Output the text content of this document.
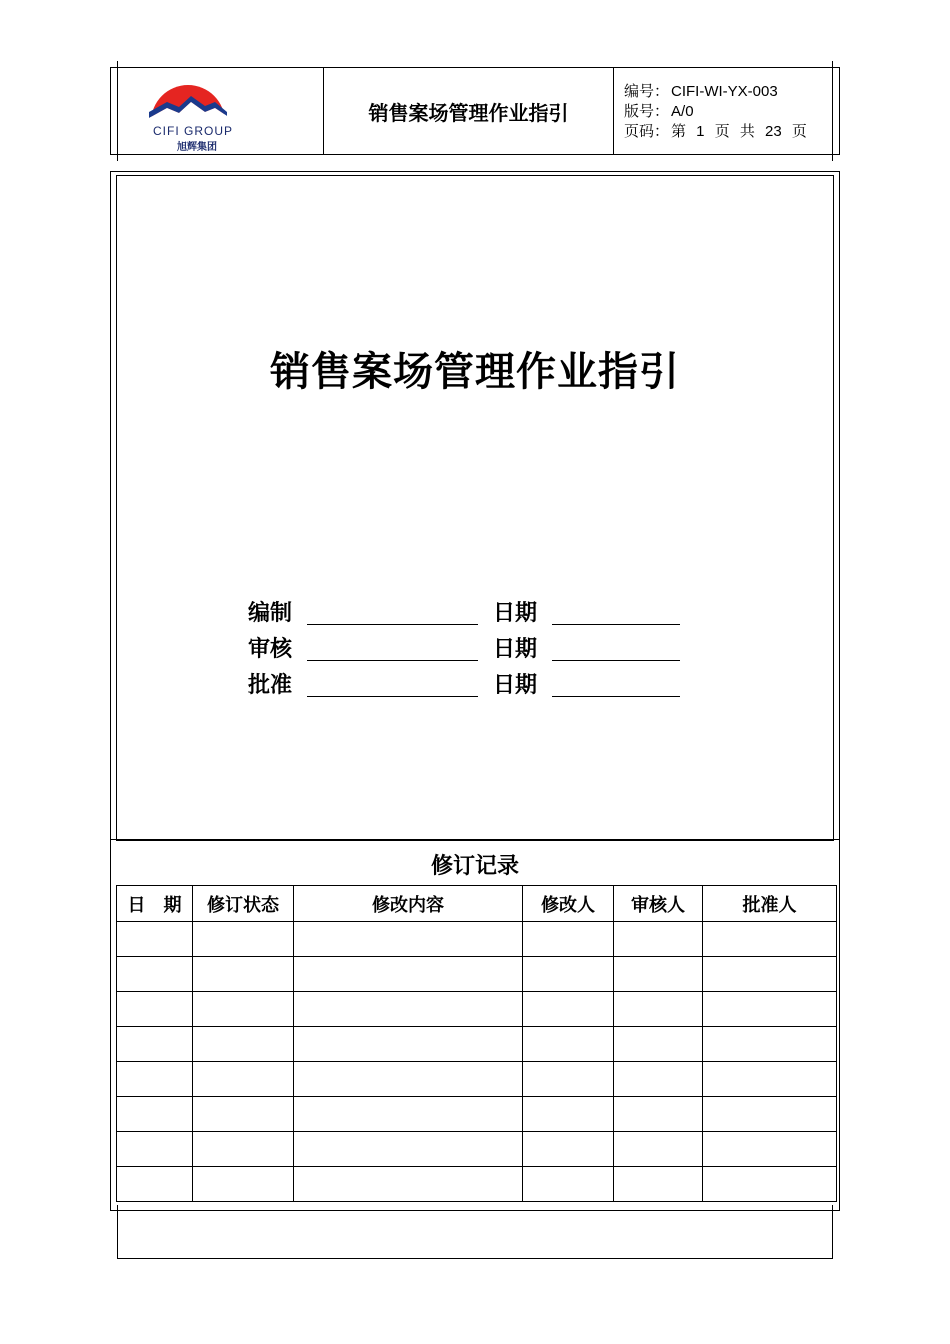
CIFI GROUP
旭辉集团
销售案场管理作业指引
编号： CIFI-WI-YX-003
版号： A/0
页码： 第 1 页 共 23 页
销售案场管理作业指引
编制	日期
审核	日期
批准	日期
修订记录
日　期	修订状态	修改内容	修改人	审核人	批准人
